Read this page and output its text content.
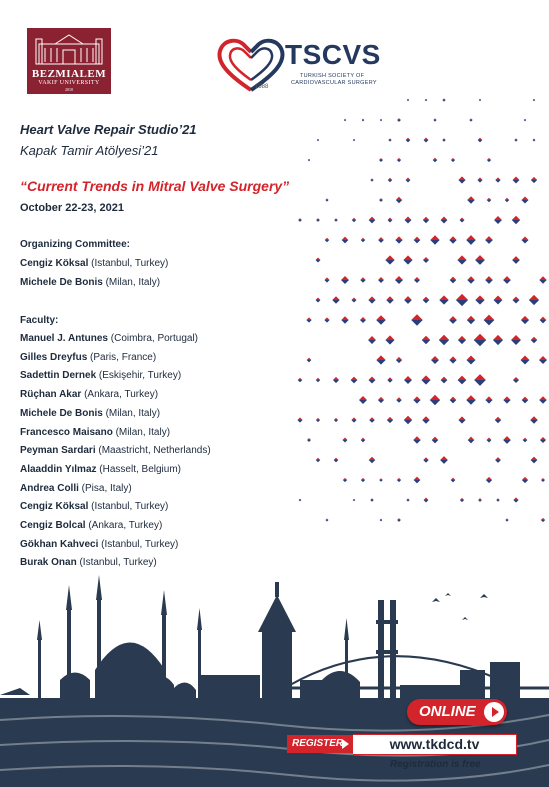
BEZMIALEM
VAKIF UNIVERSITY
2010	1988
TSCVS
TURKISH SOCIETY OF
CARDIOVASCULAR SURGERY
Heart Valve Repair Studio’21
Kapak Tamir Atölyesi’21
“Current Trends in Mitral Valve Surgery”
October 22-23, 2021
Organizing Committee:
Cengiz Köksal (Istanbul, Turkey)
Michele De Bonis (Milan, Italy)
Faculty:
Manuel J. Antunes (Coimbra, Portugal)
Gilles Dreyfus (Paris, France)
Sadettin Dernek (Eskişehir, Turkey)
Rüçhan Akar (Ankara, Turkey)
Michele De Bonis (Milan, Italy)
Francesco Maisano (Milan, Italy)
Peyman Sardari (Maastricht, Netherlands)
Alaaddin Yılmaz (Hasselt, Belgium)
Andrea Colli (Pisa, Italy)
Cengiz Köksal (Istanbul, Turkey)
Cengiz Bolcal (Ankara, Turkey)
Gökhan Kahveci (Istanbul, Turkey)
Burak Onan (Istanbul, Turkey)
ONLINE
REGISTER	www.tkdcd.tv
Registration is free
